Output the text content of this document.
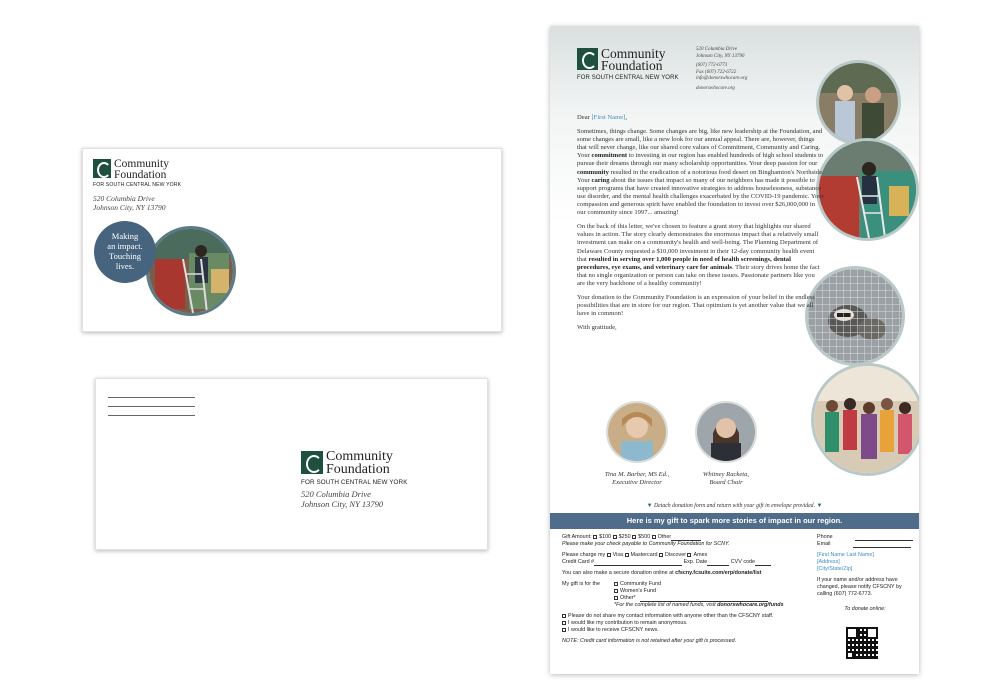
Community
Foundation
FOR SOUTH CENTRAL NEW YORK
520 Columbia Drive
Johnson City, NY 13790
Making
an impact.
Touching
lives.
Community
Foundation
FOR SOUTH CENTRAL NEW YORK
520 Columbia Drive
Johnson City, NY 13790
Community
Foundation
FOR SOUTH CENTRAL NEW YORK
520 Columbia Drive
Johnson City, NY 13790
(607) 772-6773
Fax (607) 722-6722
info@donorswhocare.org
donorswhocare.org
Dear [First Name],

Sometimes, things change. Some changes are big, like new leadership at the Foundation, and some changes are small, like a new look for our annual appeal. There are, however, things that will never change, like our shared core values of Commitment, Community and Caring. Your commitment to investing in our region has enabled hundreds of high school students to pursue their dreams through our many scholarship opportunities. Your deep passion for our community resulted in the eradication of a notorious food desert on Binghamton's Northside. Your caring about the issues that impact so many of our neighbors has made it possible to support programs that have created innovative strategies to address houselessness, substance use disorder, and the mental health challenges exacerbated by the COVID-19 pandemic. Your compassion and generous spirit have enabled the foundation to invest over $26,000,000 in our community since 1997... amazing!

On the back of this letter, we've chosen to feature a grant story that highlights our shared values in action. The story clearly demonstrates the enormous impact that a relatively small investment can make on a community's health and well-being. The Planning Department of Delaware County requested a $10,000 investment in their 12-day community health event that resulted in serving over 1,000 people in need of health screenings, dental procedures, eye exams, and veterinary care for animals. Their story drives home the fact that no single organization or person can take on these issues. Passionate partners like you are the very backbone of a healthy community!

Your donation to the Community Foundation is an expression of your belief in the endless possibilities that are in store for our region. That optimism is yet another value that we all have in common!

With gratitude,

Tina M. Barber, MS Ed.,
Executive Director
Whitney Racketa,
Board Chair
▼ Detach donation form and return with your gift in envelope provided. ▼
Here is my gift to spark more stories of impact in our region.
Gift Amount: $100 $250 $500 Other
Please make your check payable to Community Foundation for SCNY.
Please charge my Visa Mastercard Discover Amex
Credit Card #	Exp. Date	CVV code
You can also make a secure donation online at cfscny.fcsuite.com/erp/donate/list
My gift is for the	Community Fund
Women's Fund
Other*
*For the complete list of named funds, visit donorswhocare.org/funds
Please do not share my contact information with anyone other than the CFSCNY staff.
I would like my contribution to remain anonymous.
I would like to receive CFSCNY news.
NOTE: Credit card information is not retained after your gift is processed.
Phone
Email
[First Name Last Name]
[Address]
[City/State/Zip]
If your name and/or address have changed, please notify CFSCNY by calling (607) 772-6773.
To donate online:
